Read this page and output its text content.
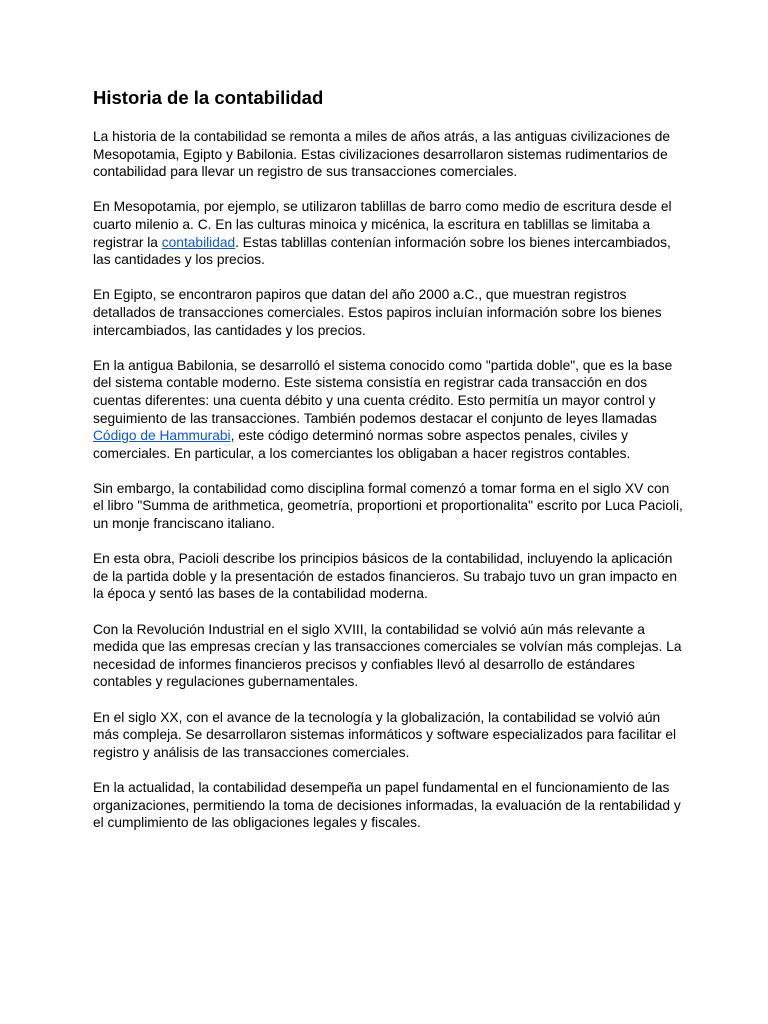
Historia de la contabilidad

La historia de la contabilidad se remonta a miles de años atrás, a las antiguas civilizaciones de Mesopotamia, Egipto y Babilonia. Estas civilizaciones desarrollaron sistemas rudimentarios de contabilidad para llevar un registro de sus transacciones comerciales.

En Mesopotamia, por ejemplo, se utilizaron tablillas de barro como medio de escritura desde el cuarto milenio a. C. En las culturas minoica y micénica, la escritura en tablillas se limitaba a registrar la contabilidad. Estas tablillas contenían información sobre los bienes intercambiados, las cantidades y los precios.

En Egipto, se encontraron papiros que datan del año 2000 a.C., que muestran registros detallados de transacciones comerciales. Estos papiros incluían información sobre los bienes intercambiados, las cantidades y los precios.

En la antigua Babilonia, se desarrolló el sistema conocido como "partida doble", que es la base del sistema contable moderno. Este sistema consistía en registrar cada transacción en dos cuentas diferentes: una cuenta débito y una cuenta crédito. Esto permitía un mayor control y seguimiento de las transacciones. También podemos destacar el conjunto de leyes llamadas Código de Hammurabi, este código determinó normas sobre aspectos penales, civiles y comerciales. En particular, a los comerciantes los obligaban a hacer registros contables.

Sin embargo, la contabilidad como disciplina formal comenzó a tomar forma en el siglo XV con el libro "Summa de arithmetica, geometría, proportioni et proportionalita" escrito por Luca Pacioli, un monje franciscano italiano.

En esta obra, Pacioli describe los principios básicos de la contabilidad, incluyendo la aplicación de la partida doble y la presentación de estados financieros. Su trabajo tuvo un gran impacto en la época y sentó las bases de la contabilidad moderna.

Con la Revolución Industrial en el siglo XVIII, la contabilidad se volvió aún más relevante a medida que las empresas crecían y las transacciones comerciales se volvían más complejas. La necesidad de informes financieros precisos y confiables llevó al desarrollo de estándares contables y regulaciones gubernamentales.

En el siglo XX, con el avance de la tecnología y la globalización, la contabilidad se volvió aún más compleja. Se desarrollaron sistemas informáticos y software especializados para facilitar el registro y análisis de las transacciones comerciales.

En la actualidad, la contabilidad desempeña un papel fundamental en el funcionamiento de las organizaciones, permitiendo la toma de decisiones informadas, la evaluación de la rentabilidad y el cumplimiento de las obligaciones legales y fiscales.
